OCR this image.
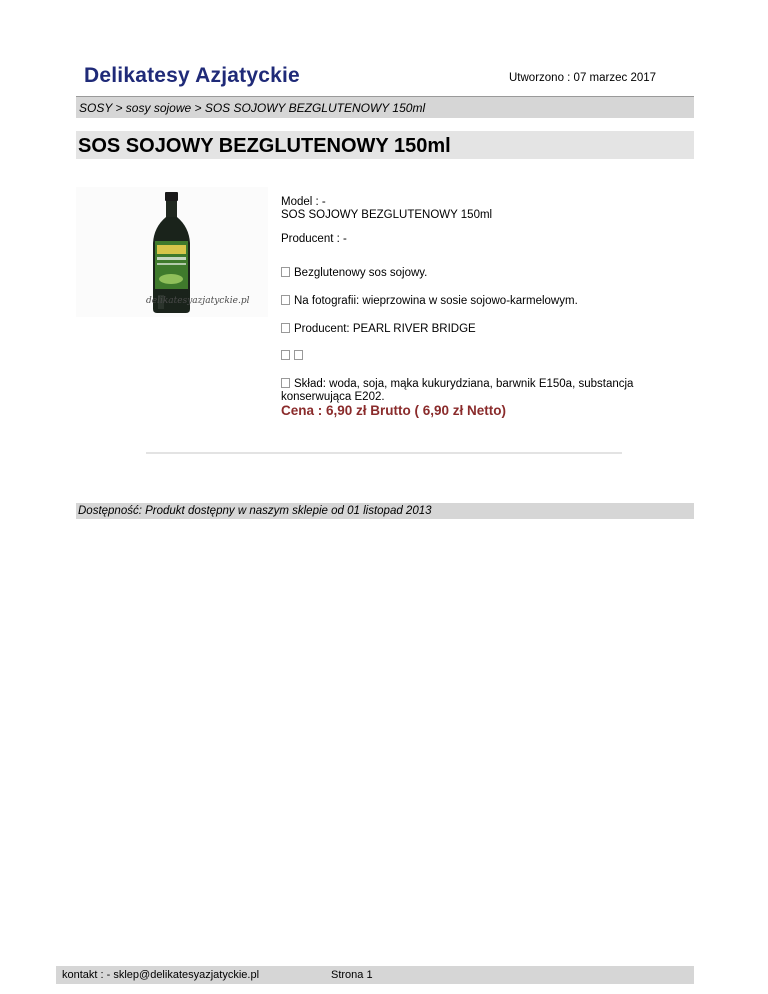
Delikatesy Azjatyckie	Utworzono : 07 marzec 2017
SOSY > sosy sojowe > SOS SOJOWY BEZGLUTENOWY 150ml
SOS SOJOWY BEZGLUTENOWY 150ml
delikatesyazjatyckie.pl
Model : -
SOS SOJOWY BEZGLUTENOWY 150ml
Producent : -
Bezglutenowy sos sojowy.
Na fotografii: wieprzowina w sosie sojowo-karmelowym.
Producent: PEARL RIVER BRIDGE
Skład: woda, soja, mąka kukurydziana, barwnik E150a, substancja
konserwująca E202.
Cena : 6,90 zł Brutto ( 6,90 zł Netto)
Dostępność: Produkt dostępny w naszym sklepie od 01 listopad 2013
kontakt : - sklep@delikatesyazjatyckie.pl	Strona 1
